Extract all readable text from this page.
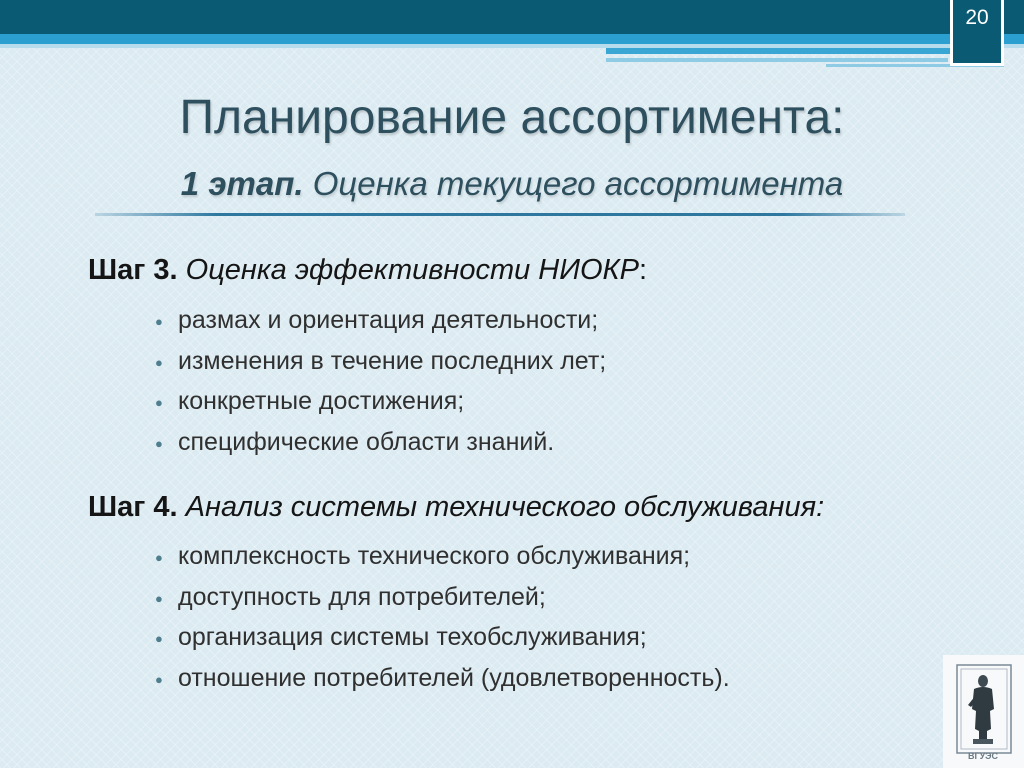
20
Планирование ассортимента:
1 этап. Оценка текущего ассортимента
Шаг 3. Оценка эффективности НИОКР:
● размах и ориентация деятельности;
● изменения в течение последних лет;
● конкретные достижения;
● специфические области знаний.
Шаг 4. Анализ системы технического обслуживания:
● комплексность технического обслуживания;
● доступность для потребителей;
● организация системы техобслуживания;
● отношение потребителей (удовлетворенность).
ВГУЭС
